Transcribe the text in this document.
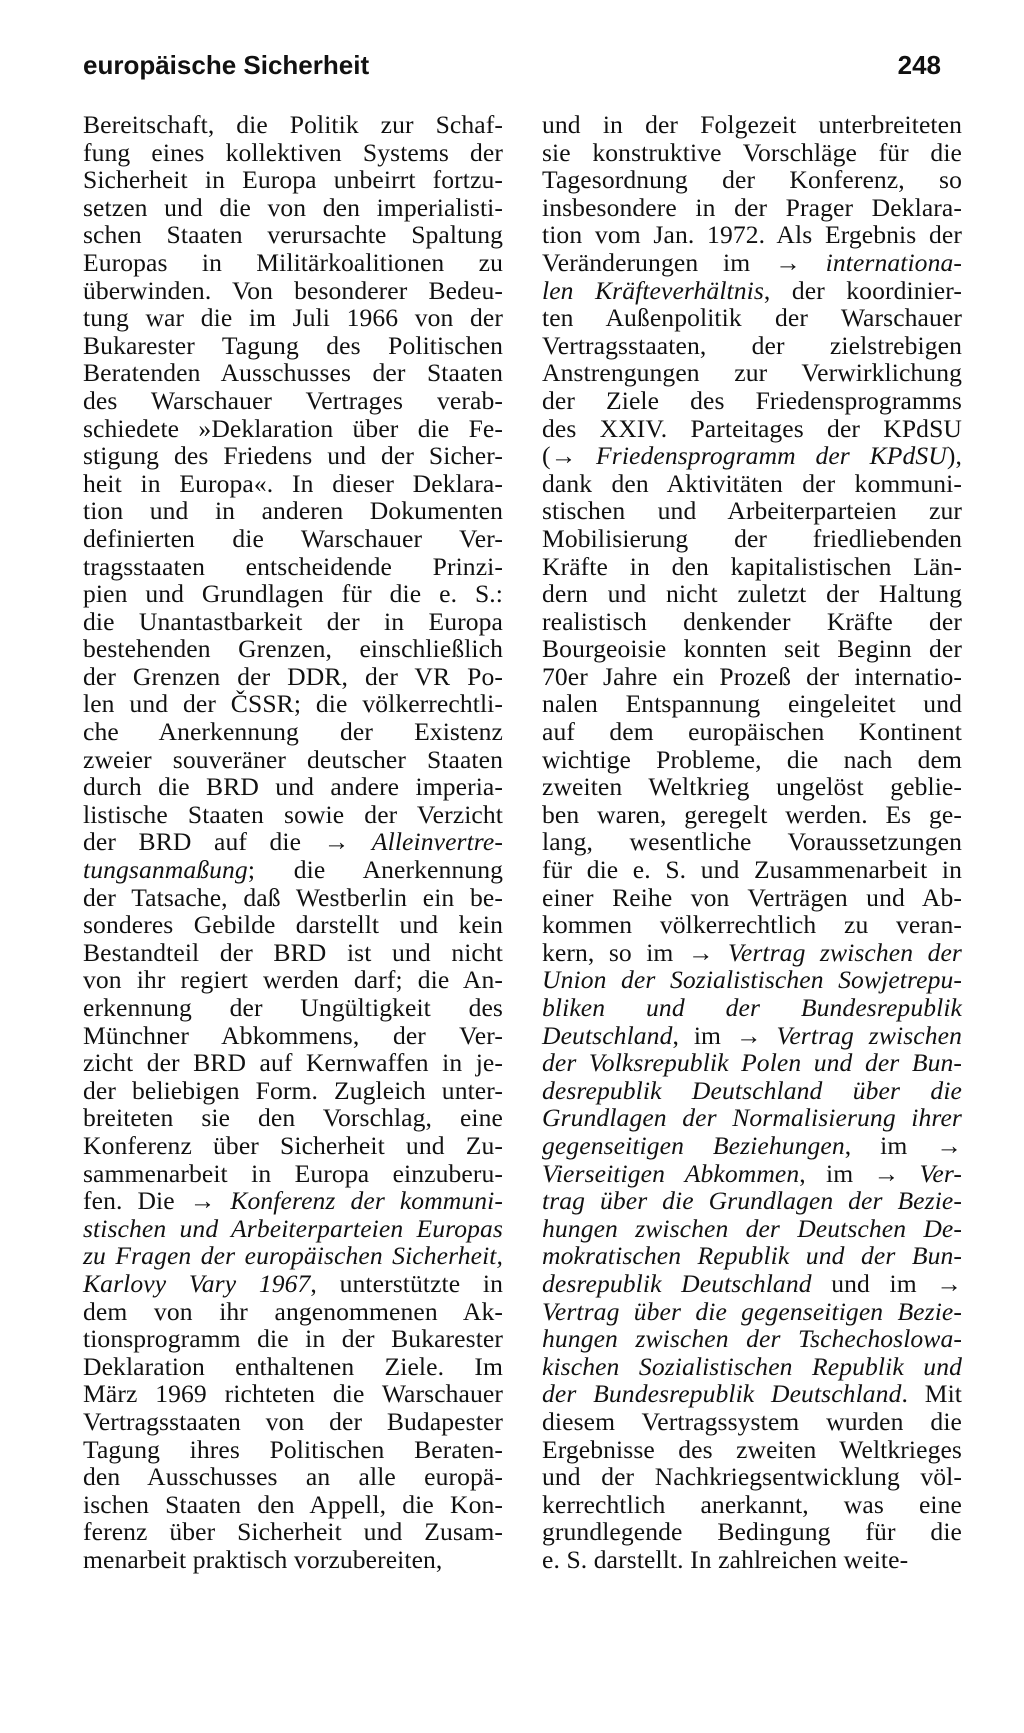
europäische Sicherheit	248
Bereitschaft, die Politik zur Schaf-
fung eines kollektiven Systems der
Sicherheit in Europa unbeirrt fortzu-
setzen und die von den imperialisti-
schen Staaten verursachte Spaltung
Europas in Militärkoalitionen zu
überwinden. Von besonderer Bedeu-
tung war die im Juli 1966 von der
Bukarester Tagung des Politischen
Beratenden Ausschusses der Staaten
des Warschauer Vertrages verab-
schiedete »Deklaration über die Fe-
stigung des Friedens und der Sicher-
heit in Europa«. In dieser Deklara-
tion und in anderen Dokumenten
definierten die Warschauer Ver-
tragsstaaten entscheidende Prinzi-
pien und Grundlagen für die e. S.:
die Unantastbarkeit der in Europa
bestehenden Grenzen, einschließlich
der Grenzen der DDR, der VR Po-
len und der ČSSR; die völkerrechtli-
che Anerkennung der Existenz
zweier souveräner deutscher Staaten
durch die BRD und andere imperia-
listische Staaten sowie der Verzicht
der BRD auf die → Alleinvertre-
tungsanmaßung; die Anerkennung
der Tatsache, daß Westberlin ein be-
sonderes Gebilde darstellt und kein
Bestandteil der BRD ist und nicht
von ihr regiert werden darf; die An-
erkennung der Ungültigkeit des
Münchner Abkommens, der Ver-
zicht der BRD auf Kernwaffen in je-
der beliebigen Form. Zugleich unter-
breiteten sie den Vorschlag, eine
Konferenz über Sicherheit und Zu-
sammenarbeit in Europa einzuberu-
fen. Die → Konferenz der kommuni-
stischen und Arbeiterparteien Europas
zu Fragen der europäischen Sicherheit,
Karlovy Vary 1967, unterstützte in
dem von ihr angenommenen Ak-
tionsprogramm die in der Bukarester
Deklaration enthaltenen Ziele. Im
März 1969 richteten die Warschauer
Vertragsstaaten von der Budapester
Tagung ihres Politischen Beraten-
den Ausschusses an alle europä-
ischen Staaten den Appell, die Kon-
ferenz über Sicherheit und Zusam-
menarbeit praktisch vorzubereiten,
und in der Folgezeit unterbreiteten
sie konstruktive Vorschläge für die
Tagesordnung der Konferenz, so
insbesondere in der Prager Deklara-
tion vom Jan. 1972. Als Ergebnis der
Veränderungen im → internationa-
len Kräfteverhältnis, der koordinier-
ten Außenpolitik der Warschauer
Vertragsstaaten, der zielstrebigen
Anstrengungen zur Verwirklichung
der Ziele des Friedensprogramms
des XXIV. Parteitages der KPdSU
(→ Friedensprogramm der KPdSU),
dank den Aktivitäten der kommuni-
stischen und Arbeiterparteien zur
Mobilisierung der friedliebenden
Kräfte in den kapitalistischen Län-
dern und nicht zuletzt der Haltung
realistisch denkender Kräfte der
Bourgeoisie konnten seit Beginn der
70er Jahre ein Prozeß der internatio-
nalen Entspannung eingeleitet und
auf dem europäischen Kontinent
wichtige Probleme, die nach dem
zweiten Weltkrieg ungelöst geblie-
ben waren, geregelt werden. Es ge-
lang, wesentliche Voraussetzungen
für die e. S. und Zusammenarbeit in
einer Reihe von Verträgen und Ab-
kommen völkerrechtlich zu veran-
kern, so im → Vertrag zwischen der
Union der Sozialistischen Sowjetrepu-
bliken und der Bundesrepublik
Deutschland, im → Vertrag zwischen
der Volksrepublik Polen und der Bun-
desrepublik Deutschland über die
Grundlagen der Normalisierung ihrer
gegenseitigen Beziehungen, im →
Vierseitigen Abkommen, im → Ver-
trag über die Grundlagen der Bezie-
hungen zwischen der Deutschen De-
mokratischen Republik und der Bun-
desrepublik Deutschland und im →
Vertrag über die gegenseitigen Bezie-
hungen zwischen der Tschechoslowa-
kischen Sozialistischen Republik und
der Bundesrepublik Deutschland. Mit
diesem Vertragssystem wurden die
Ergebnisse des zweiten Weltkrieges
und der Nachkriegsentwicklung völ-
kerrechtlich anerkannt, was eine
grundlegende Bedingung für die
e. S. darstellt. In zahlreichen weite-
